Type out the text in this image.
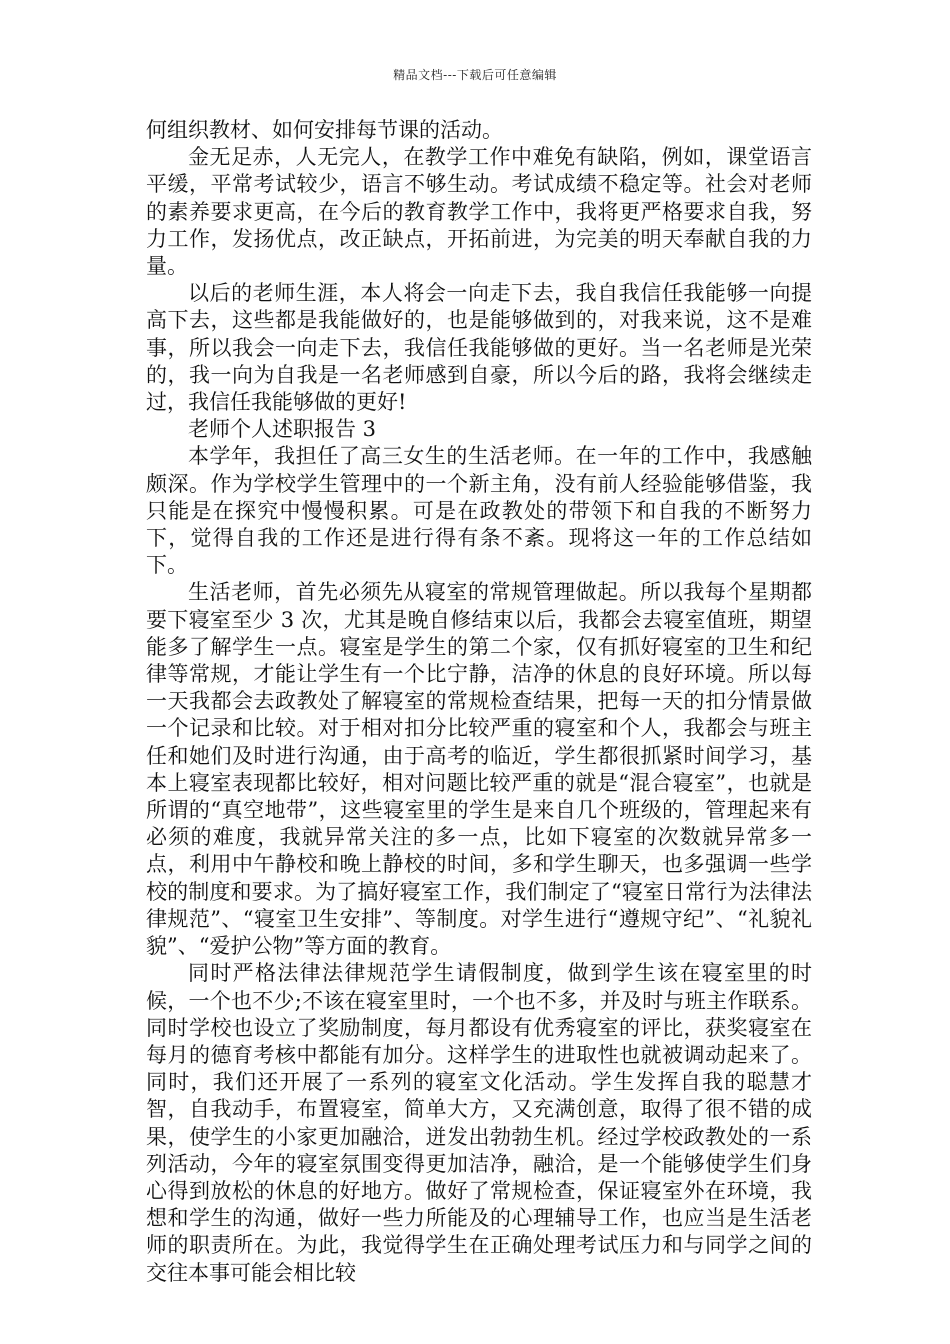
精品文档---下载后可任意编辑

何组织教材、如何安排每节课的活动。

金无足赤，人无完人，在教学工作中难免有缺陷，例如，课堂语言平缓，平常考试较少，语言不够生动。考试成绩不稳定等。社会对老师的素养要求更高，在今后的教育教学工作中，我将更严格要求自我，努力工作，发扬优点，改正缺点，开拓前进，为完美的明天奉献自我的力量。

以后的老师生涯，本人将会一向走下去，我自我信任我能够一向提高下去，这些都是我能做好的，也是能够做到的，对我来说，这不是难事，所以我会一向走下去，我信任我能够做的更好。当一名老师是光荣的，我一向为自我是一名老师感到自豪，所以今后的路，我将会继续走过，我信任我能够做的更好!

老师个人述职报告 3

本学年，我担任了高三女生的生活老师。在一年的工作中，我感触颇深。作为学校学生管理中的一个新主角，没有前人经验能够借鉴，我只能是在探究中慢慢积累。可是在政教处的带领下和自我的不断努力下，觉得自我的工作还是进行得有条不紊。现将这一年的工作总结如下。

生活老师，首先必须先从寝室的常规管理做起。所以我每个星期都要下寝室至少 3 次，尤其是晚自修结束以后，我都会去寝室值班，期望能多了解学生一点。寝室是学生的第二个家，仅有抓好寝室的卫生和纪律等常规，才能让学生有一个比宁静，洁净的休息的良好环境。所以每一天我都会去政教处了解寝室的常规检查结果，把每一天的扣分情景做一个记录和比较。对于相对扣分比较严重的寝室和个人，我都会与班主任和她们及时进行沟通，由于高考的临近，学生都很抓紧时间学习，基本上寝室表现都比较好，相对问题比较严重的就是“混合寝室”，也就是所谓的“真空地带”，这些寝室里的学生是来自几个班级的，管理起来有必须的难度，我就异常关注的多一点，比如下寝室的次数就异常多一点，利用中午静校和晚上静校的时间，多和学生聊天，也多强调一些学校的制度和要求。为了搞好寝室工作，我们制定了“寝室日常行为法律法律规范”、“寝室卫生安排”、等制度。对学生进行“遵规守纪”、“礼貌礼貌”、“爱护公物”等方面的教育。

同时严格法律法律规范学生请假制度，做到学生该在寝室里的时候，一个也不少;不该在寝室里时，一个也不多，并及时与班主作联系。同时学校也设立了奖励制度，每月都设有优秀寝室的评比，获奖寝室在每月的德育考核中都能有加分。这样学生的进取性也就被调动起来了。同时，我们还开展了一系列的寝室文化活动。学生发挥自我的聪慧才智，自我动手，布置寝室，简单大方，又充满创意，取得了很不错的成果，使学生的小家更加融洽，迸发出勃勃生机。经过学校政教处的一系列活动，今年的寝室氛围变得更加洁净，融洽，是一个能够使学生们身心得到放松的休息的好地方。做好了常规检查，保证寝室外在环境，我想和学生的沟通，做好一些力所能及的心理辅导工作，也应当是生活老师的职责所在。为此，我觉得学生在正确处理考试压力和与同学之间的交往本事可能会相比较
